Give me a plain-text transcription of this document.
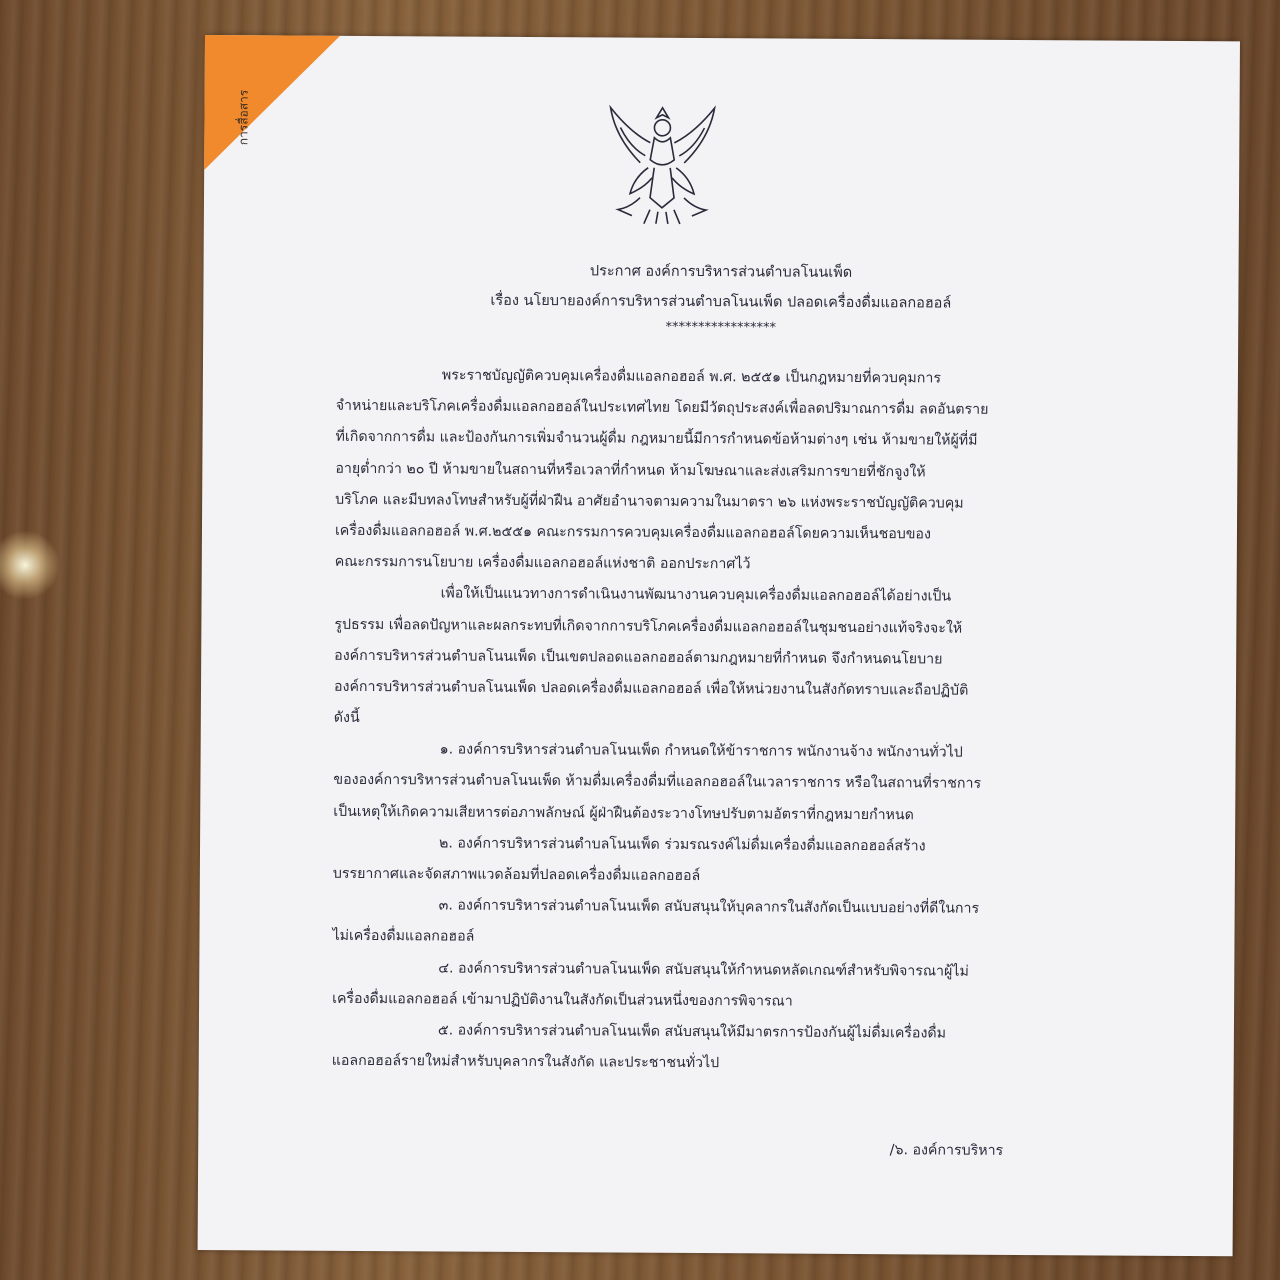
การสื่อสาร
ประกาศ องค์การบริหารส่วนตำบลโนนเพ็ด
เรื่อง นโยบายองค์การบริหารส่วนตำบลโนนเพ็ด ปลอดเครื่องดื่มแอลกอฮอล์
*****************
พระราชบัญญัติควบคุมเครื่องดื่มแอลกอฮอล์ พ.ศ. ๒๕๕๑ เป็นกฎหมายที่ควบคุมการ
จำหน่ายและบริโภคเครื่องดื่มแอลกอฮอล์ในประเทศไทย โดยมีวัตถุประสงค์เพื่อลดปริมาณการดื่ม ลดอันตราย
ที่เกิดจากการดื่ม และป้องกันการเพิ่มจำนวนผู้ดื่ม กฎหมายนี้มีการกำหนดข้อห้ามต่างๆ เช่น ห้ามขายให้ผู้ที่มี
อายุต่ำกว่า ๒๐ ปี ห้ามขายในสถานที่หรือเวลาที่กำหนด ห้ามโฆษณาและส่งเสริมการขายที่ชักจูงให้
บริโภค และมีบทลงโทษสำหรับผู้ที่ฝ่าฝืน อาศัยอำนาจตามความในมาตรา ๒๖ แห่งพระราชบัญญัติควบคุม
เครื่องดื่มแอลกอฮอล์ พ.ศ.๒๕๕๑ คณะกรรมการควบคุมเครื่องดื่มแอลกอฮอล์โดยความเห็นชอบของ
คณะกรรมการนโยบาย เครื่องดื่มแอลกอฮอล์แห่งชาติ ออกประกาศไว้
เพื่อให้เป็นแนวทางการดำเนินงานพัฒนางานควบคุมเครื่องดื่มแอลกอฮอล์ได้อย่างเป็น
รูปธรรม เพื่อลดปัญหาและผลกระทบที่เกิดจากการบริโภคเครื่องดื่มแอลกอฮอล์ในชุมชนอย่างแท้จริงจะให้
องค์การบริหารส่วนตำบลโนนเพ็ด เป็นเขตปลอดแอลกอฮอล์ตามกฎหมายที่กำหนด จึงกำหนดนโยบาย
องค์การบริหารส่วนตำบลโนนเพ็ด ปลอดเครื่องดื่มแอลกอฮอล์ เพื่อให้หน่วยงานในสังกัดทราบและถือปฏิบัติ
ดังนี้
๑. องค์การบริหารส่วนตำบลโนนเพ็ด กำหนดให้ข้าราชการ พนักงานจ้าง พนักงานทั่วไป
ขององค์การบริหารส่วนตำบลโนนเพ็ด ห้ามดื่มเครื่องดื่มที่แอลกอฮอล์ในเวลาราชการ หรือในสถานที่ราชการ
เป็นเหตุให้เกิดความเสียหารต่อภาพลักษณ์ ผู้ฝ่าฝืนต้องระวางโทษปรับตามอัตราที่กฎหมายกำหนด
๒. องค์การบริหารส่วนตำบลโนนเพ็ด ร่วมรณรงค์ไม่ดื่มเครื่องดื่มแอลกอฮอล์สร้าง
บรรยากาศและจัดสภาพแวดล้อมที่ปลอดเครื่องดื่มแอลกอฮอล์
๓. องค์การบริหารส่วนตำบลโนนเพ็ด สนับสนุนให้บุคลากรในสังกัดเป็นแบบอย่างที่ดีในการ
ไม่เครื่องดื่มแอลกอฮอล์
๔. องค์การบริหารส่วนตำบลโนนเพ็ด สนับสนุนให้กำหนดหลัดเกณฑ์สำหรับพิจารณาผู้ไม่
เครื่องดื่มแอลกอฮอล์ เข้ามาปฏิบัติงานในสังกัดเป็นส่วนหนึ่งของการพิจารณา
๕. องค์การบริหารส่วนตำบลโนนเพ็ด สนับสนุนให้มีมาตรการป้องกันผู้ไม่ดื่มเครื่องดื่ม
แอลกอฮอล์รายใหม่สำหรับบุคลากรในสังกัด และประชาชนทั่วไป
/๖. องค์การบริหาร
